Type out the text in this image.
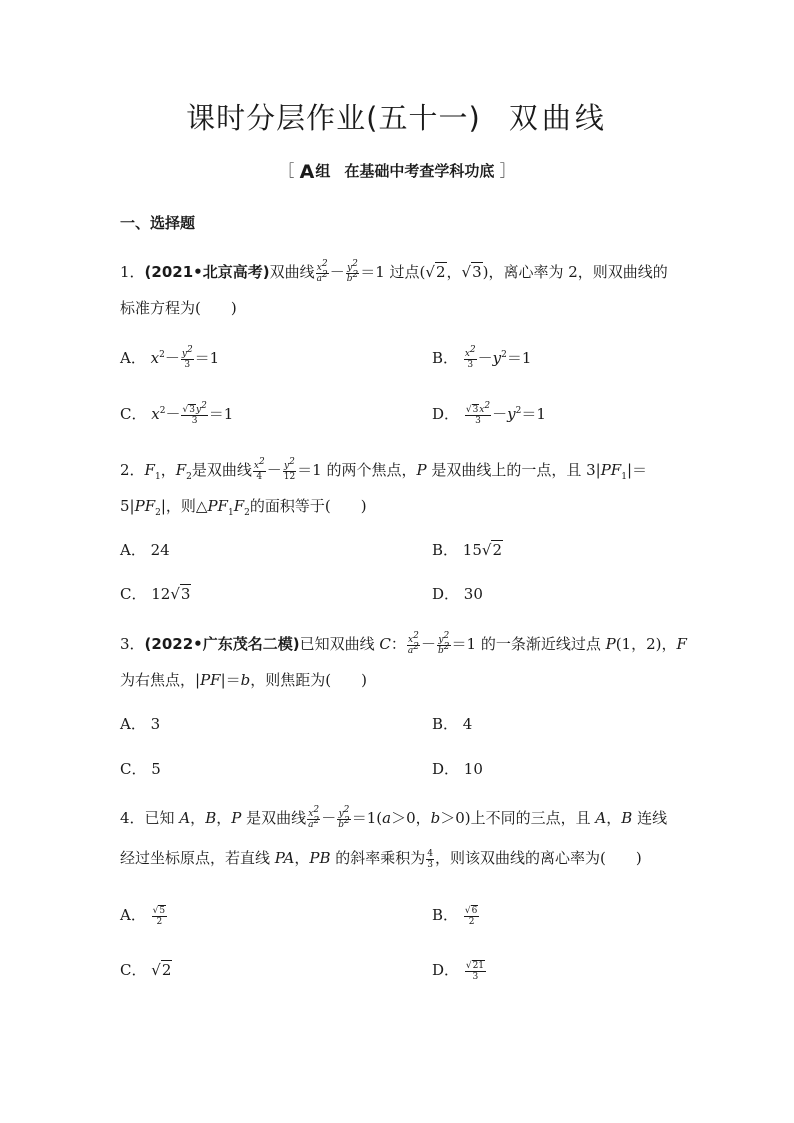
课时分层作业(五十一) 双曲线
［ A 组 在基础中考查学科功底 ］
一、选择题
1．(2021•北京高考)双曲线 $\frac{x^2}{a^2} - \frac{y^2}{b^2} =1$ 过点(√2，√3)，离心率为 2，则双曲线的
标准方程为(　　)
A． $x^2- \frac{y^2}{3} =1$	B． $\frac{x^2}{3} -y^2=1$
C． $x^2- \frac{√3y^2}{3} =1$	D． $\frac{√3x^2}{3} -y^2=1$
2．$F_1$，$F_2$是双曲线 $\frac{x^2}{4} - \frac{y^2}{12} =1$ 的两个焦点，P 是双曲线上的一点，且 $3|PF_1|=$
$5|PF_2|$，则$\triangle PF_1F_2$的面积等于(　　)
A． 24	B． 15√2
C． 12√3	D． 30
3．(2022•广东茂名二模)已知双曲线 C： $\frac{x^2}{a^2} - \frac{y^2}{b^2} =1$ 的一条渐近线过点 P(1，2)，F
为右焦点，|PF|＝b，则焦距为(　　)
A． 3	B． 4
C． 5	D． 10
4．已知 A，B，P 是双曲线 $\frac{x^2}{a^2} - \frac{y^2}{b^2} =1(a>0$，b＞0)上不同的三点，且 A，B 连线
经过坐标原点，若直线 PA，PB 的斜率乘积为 $\frac{4}{3}$ ，则该双曲线的离心率为(　　)
A． $\frac{√5}{2}$	B． $\frac{√6}{2}$
C． √2	D． $\frac{√21}{3}$
